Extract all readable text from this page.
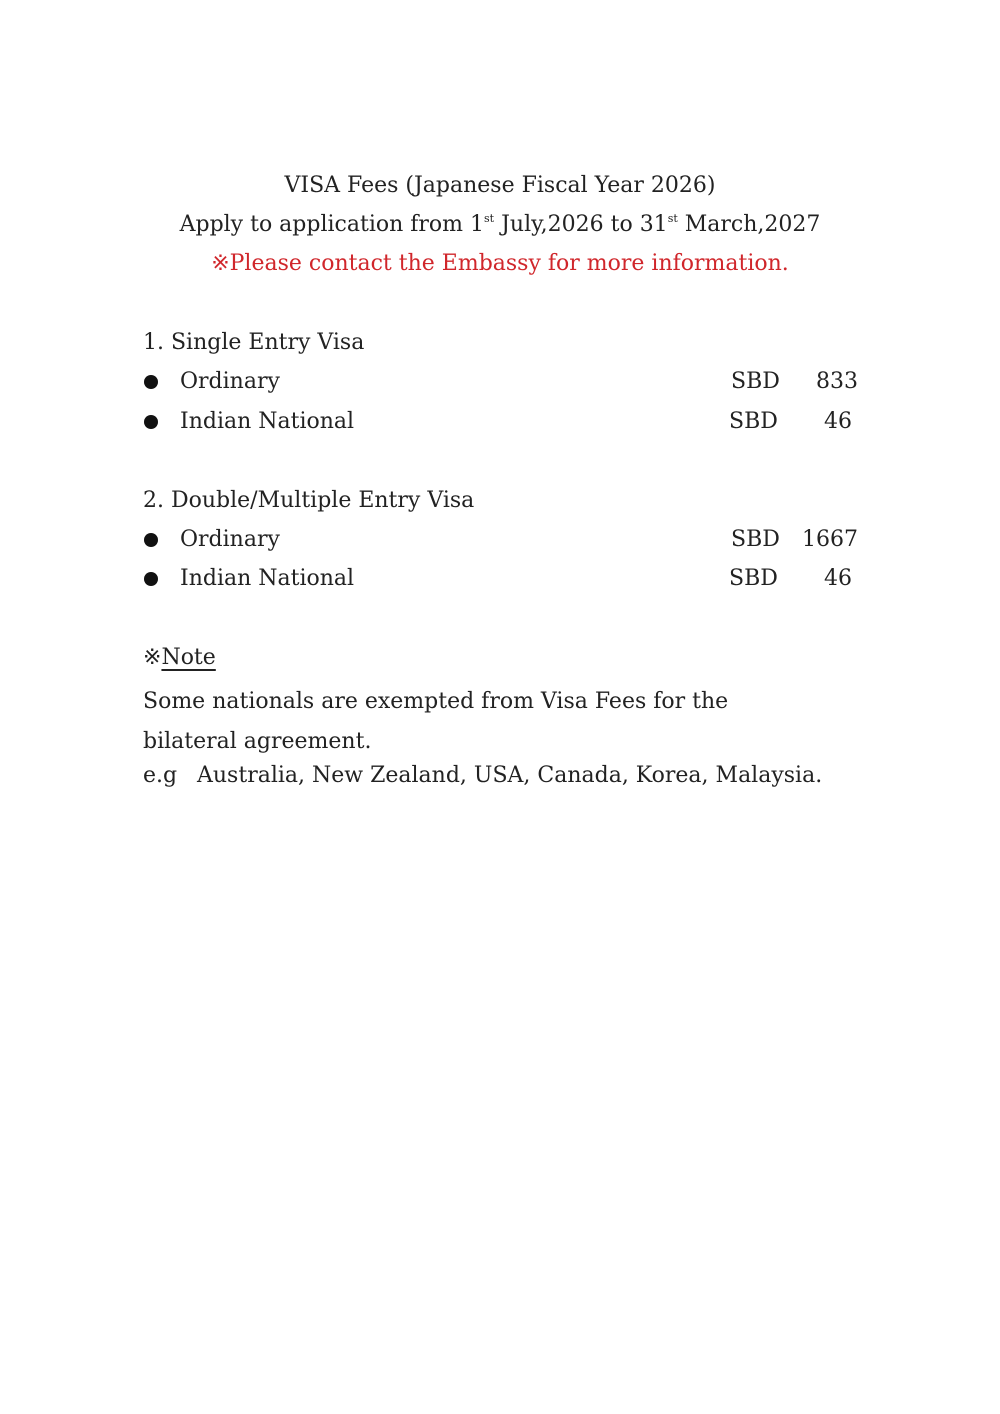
VISA Fees (Japanese Fiscal Year 2026)
Apply to application from 1st July,2026 to 31st March,2027
※Please contact the Embassy for more information.
1. Single Entry Visa
Ordinary	SBD	833
Indian National	SBD	46
2. Double/Multiple Entry Visa
Ordinary	SBD	1667
Indian National	SBD	46
※Note
Some nationals are exempted from Visa Fees for the bilateral agreement.
e.g Australia, New Zealand, USA, Canada, Korea, Malaysia.
